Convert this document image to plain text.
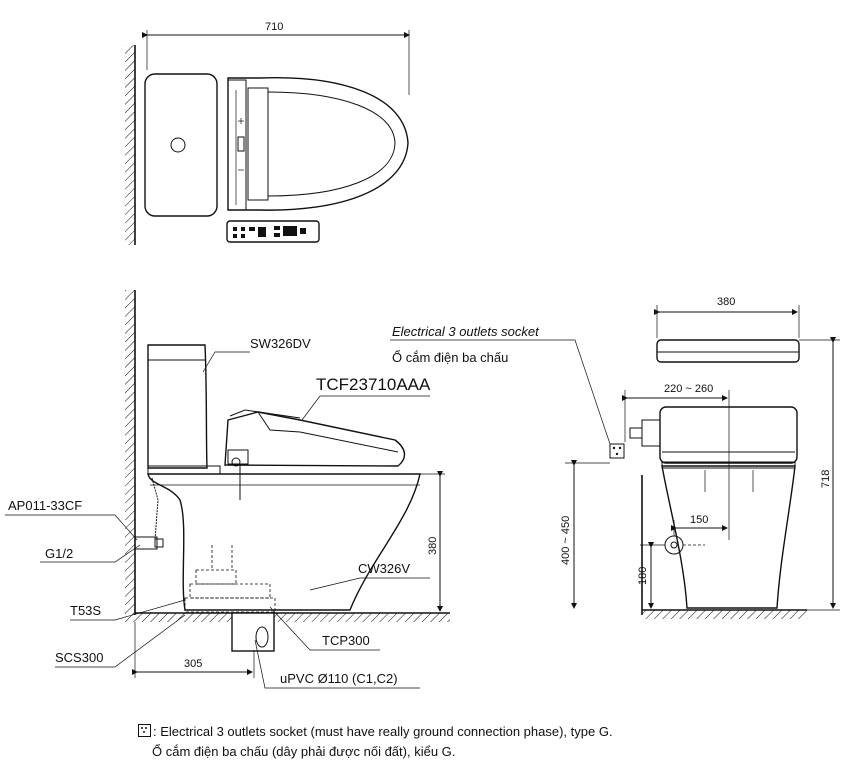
710
380
305
SW326DV
TCF23710AAA
CW326V
AP011-33CF
G1/2
T53S
SCS300
TCP300
uPVC Ø110 (C1,C2)
380
220 ~ 260
718
400 ~ 450	150
180
Electrical 3 outlets socket
Ổ cắm điện ba chấu
: Electrical 3 outlets socket (must have really ground connection phase), type G.
Ổ cắm điện ba chấu (dây phải được nối đất), kiểu G.
